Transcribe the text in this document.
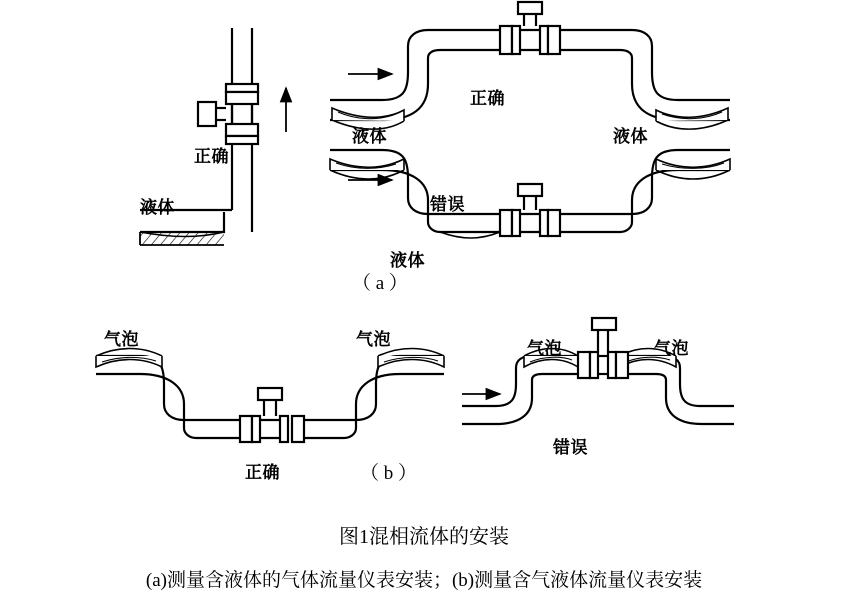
正确
液体
正确
液体	液体
错误
液体
气泡	气泡
正确
气泡	气泡
错误
（ a ）
（ b ）
图1混相流体的安装
(a)测量含液体的气体流量仪表安装；(b)测量含气液体流量仪表安装
